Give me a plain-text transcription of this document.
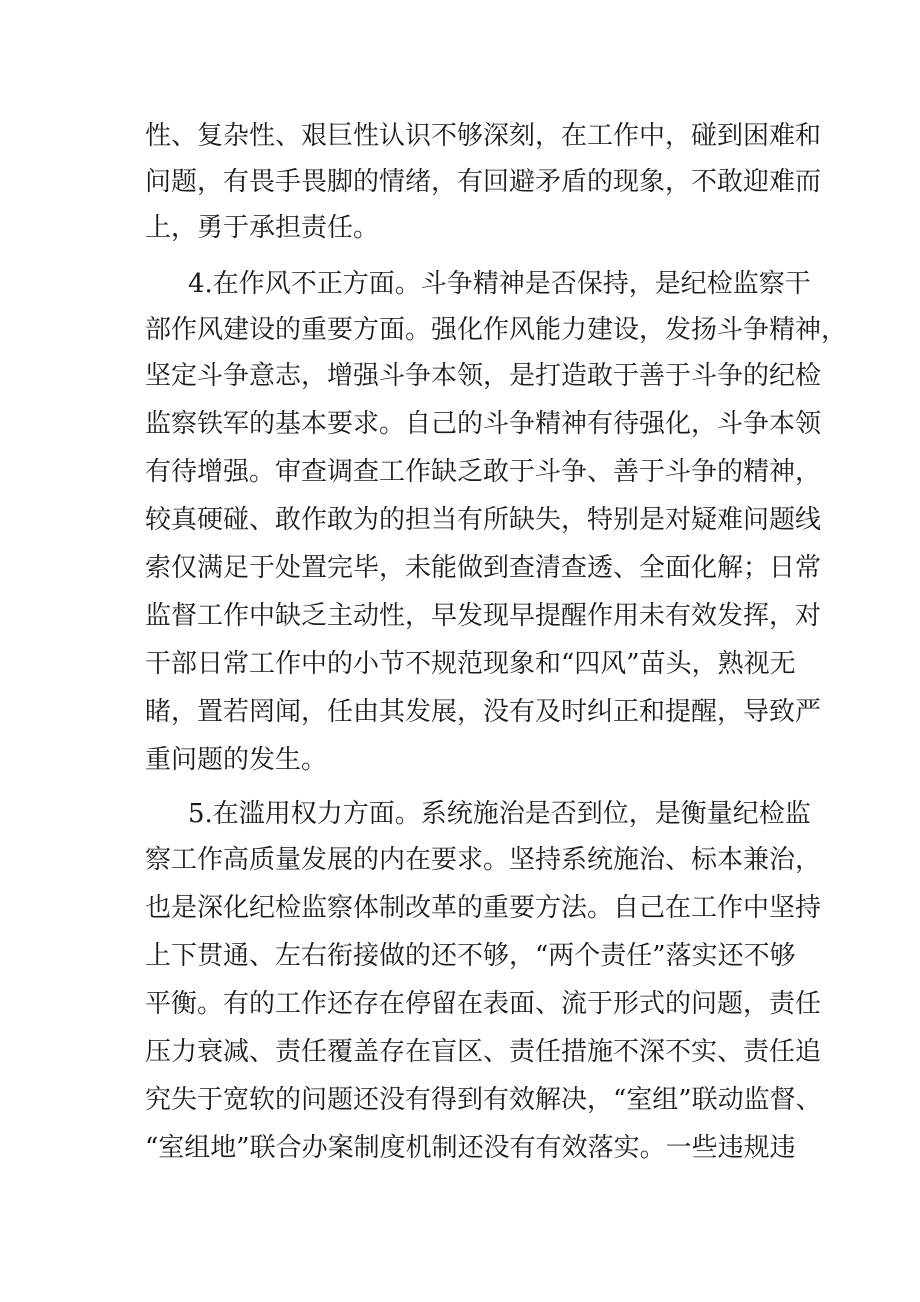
性、复杂性、艰巨性认识不够深刻，在工作中，碰到困难和
问题，有畏手畏脚的情绪，有回避矛盾的现象，不敢迎难而
上，勇于承担责任。
4.在作风不正方面。斗争精神是否保持，是纪检监察干
部作风建设的重要方面。强化作风能力建设，发扬斗争精神，
坚定斗争意志，增强斗争本领，是打造敢于善于斗争的纪检
监察铁军的基本要求。自己的斗争精神有待强化，斗争本领
有待增强。审查调查工作缺乏敢于斗争、善于斗争的精神，
较真硬碰、敢作敢为的担当有所缺失，特别是对疑难问题线
索仅满足于处置完毕，未能做到查清查透、全面化解；日常
监督工作中缺乏主动性，早发现早提醒作用未有效发挥，对
干部日常工作中的小节不规范现象和“四风”苗头，熟视无
睹，置若罔闻，任由其发展，没有及时纠正和提醒，导致严
重问题的发生。
5.在滥用权力方面。系统施治是否到位，是衡量纪检监
察工作高质量发展的内在要求。坚持系统施治、标本兼治，
也是深化纪检监察体制改革的重要方法。自己在工作中坚持
上下贯通、左右衔接做的还不够，“两个责任”落实还不够
平衡。有的工作还存在停留在表面、流于形式的问题，责任
压力衰减、责任覆盖存在盲区、责任措施不深不实、责任追
究失于宽软的问题还没有得到有效解决，“室组”联动监督、
“室组地”联合办案制度机制还没有有效落实。一些违规违
